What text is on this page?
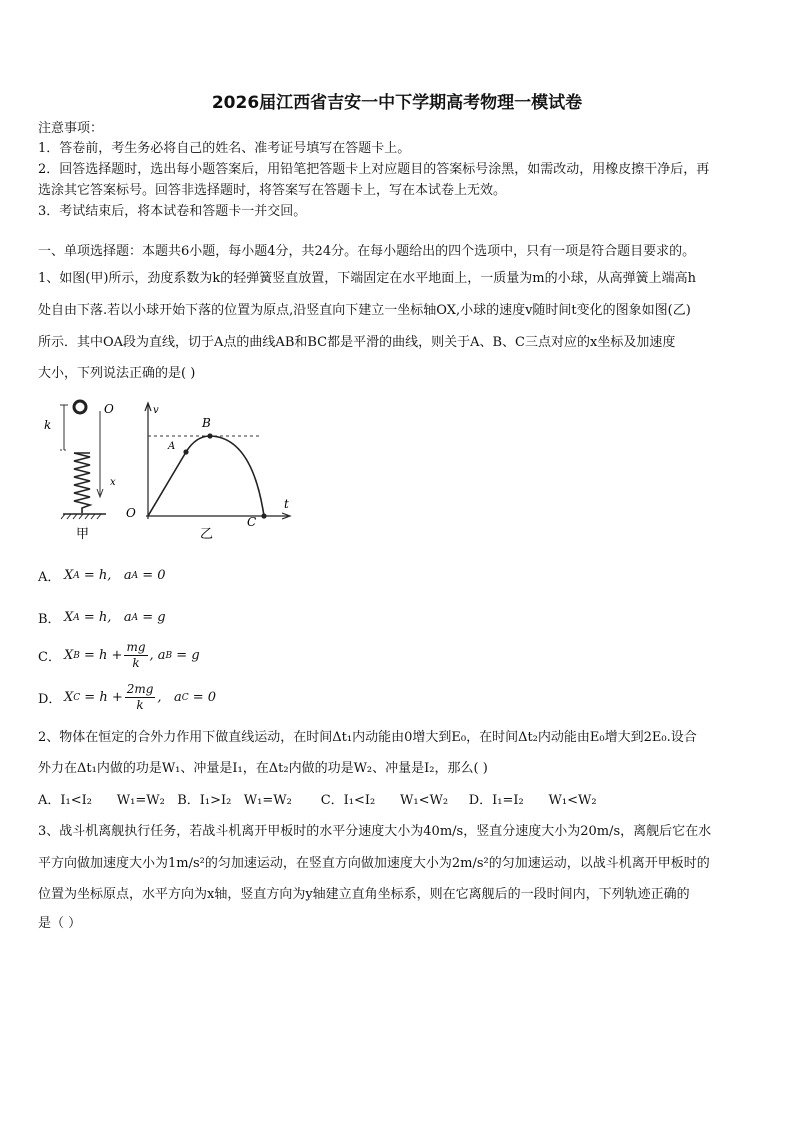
2026届江西省吉安一中下学期高考物理一模试卷
注意事项：
1．答卷前，考生务必将自己的姓名、准考证号填写在答题卡上。
2．回答选择题时，选出每小题答案后，用铅笔把答题卡上对应题目的答案标号涂黑，如需改动，用橡皮擦干净后，再
选涂其它答案标号。回答非选择题时，将答案写在答题卡上，写在本试卷上无效。
3．考试结束后，将本试卷和答题卡一并交回。
一、单项选择题：本题共6小题，每小题4分，共24分。在每小题给出的四个选项中，只有一项是符合题目要求的。
1、如图(甲)所示，劲度系数为k的轻弹簧竖直放置，下端固定在水平地面上，一质量为m的小球，从高弹簧上端高h
处自由下落.若以小球开始下落的位置为原点,沿竖直向下建立一坐标轴OX,小球的速度v随时间t变化的图象如图(乙)
所示．其中OA段为直线，切于A点的曲线AB和BC都是平滑的曲线，则关于A、B、C三点对应的x坐标及加速度
大小，下列说法正确的是( )
k
O
x
甲
v
t
O
A
B
C
乙
A． X A = h,   a A = 0
B． X A = h,   a A = g
C． X $B = h + \frac{mg}{k}$ , a B = g
D． X $C = h + \frac{2mg}{k}$ ,   a C = 0
2、物体在恒定的合外力作用下做直线运动，在时间Δt₁内动能由0增大到E₀，在时间Δt₂内动能由E₀增大到2E₀.设合
外力在Δt₁内做的功是W₁、冲量是I₁，在Δt₂内做的功是W₂、冲量是I₂，那么( )
A．I₁<I₂      W₁=W₂   B．I₁>I₂   W₁=W₂       C．I₁<I₂      W₁<W₂     D．I₁=I₂      W₁<W₂
3、战斗机离舰执行任务，若战斗机离开甲板时的水平分速度大小为40m/s，竖直分速度大小为20m/s，离舰后它在水
平方向做加速度大小为1m/s²的匀加速运动，在竖直方向做加速度大小为2m/s²的匀加速运动，以战斗机离开甲板时的
位置为坐标原点，水平方向为x轴，竖直方向为y轴建立直角坐标系，则在它离舰后的一段时间内，下列轨迹正确的
是（ ）
